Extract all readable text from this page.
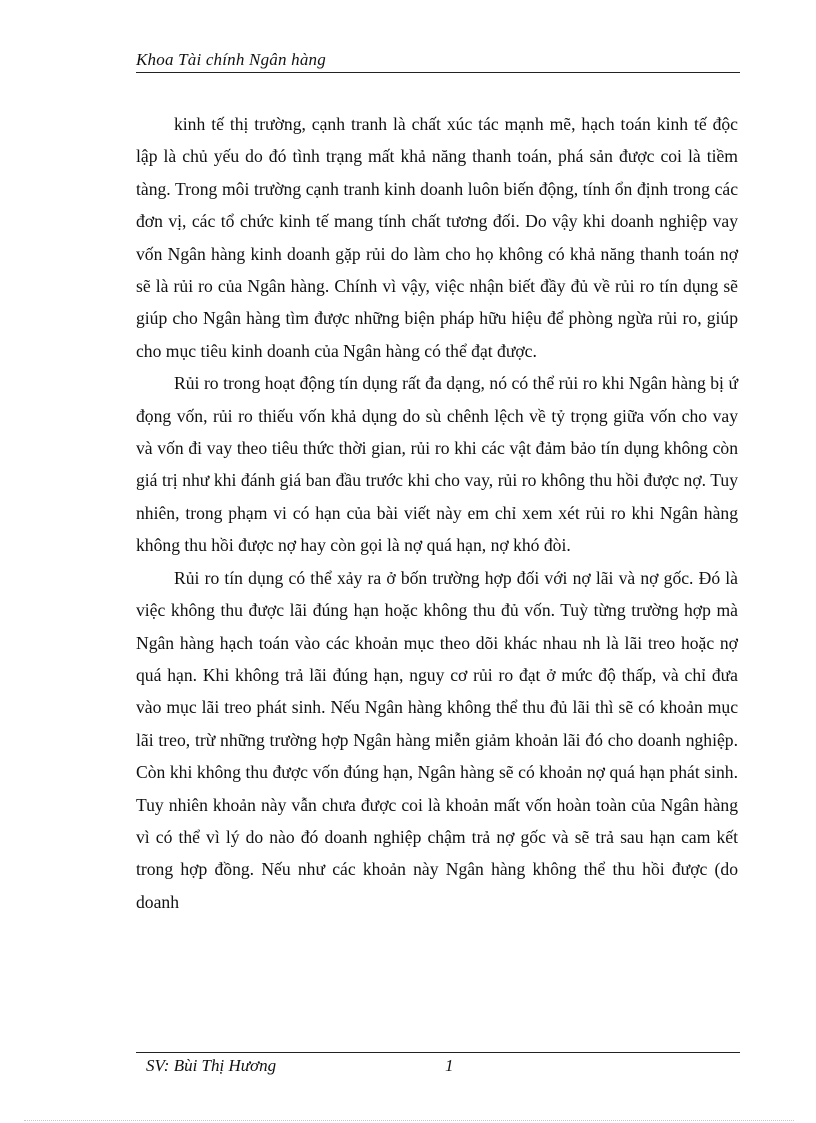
Khoa Tài chính Ngân hàng

kinh tế thị trường, cạnh tranh là chất xúc tác mạnh mẽ, hạch toán kinh tế độc lập là chủ yếu do đó tình trạng mất khả năng thanh toán, phá sản được coi là tiềm tàng. Trong môi trường cạnh tranh kinh doanh luôn biến động, tính ổn định trong các đơn vị, các tổ chức kinh tế mang tính chất tương đối. Do vậy khi doanh nghiệp vay vốn Ngân hàng kinh doanh gặp rủi do làm cho họ không có khả năng thanh toán nợ sẽ là rủi ro của Ngân hàng. Chính vì vậy, việc nhận biết đầy đủ về rủi ro tín dụng sẽ giúp cho Ngân hàng tìm được những biện pháp hữu hiệu để phòng ngừa rủi ro, giúp cho mục tiêu kinh doanh của Ngân hàng có thể đạt được.

Rủi ro trong hoạt động tín dụng rất đa dạng, nó có thể rủi ro khi Ngân hàng bị ứ đọng vốn, rủi ro thiếu vốn khả dụng do sù chênh lệch về tỷ trọng giữa vốn cho vay và vốn đi vay theo tiêu thức thời gian, rủi ro khi các vật đảm bảo tín dụng không còn giá trị như khi đánh giá ban đầu trước khi cho vay, rủi ro không thu hồi được nợ. Tuy nhiên, trong phạm vi có hạn của bài viết này em chỉ xem xét rủi ro khi Ngân hàng không thu hồi được nợ hay còn gọi là nợ quá hạn, nợ khó đòi.

Rủi ro tín dụng có thể xảy ra ở bốn trường hợp đối với nợ lãi và nợ gốc. Đó là việc không thu được lãi đúng hạn hoặc không thu đủ vốn. Tuỳ từng trường hợp mà Ngân hàng hạch toán vào các khoản mục theo dõi khác nhau nh là lãi treo hoặc nợ quá hạn. Khi không trả lãi đúng hạn, nguy cơ rủi ro đạt ở mức độ thấp, và chỉ đưa vào mục lãi treo phát sinh. Nếu Ngân hàng không thể thu đủ lãi thì sẽ có khoản mục lãi treo, trừ những trường hợp Ngân hàng miễn giảm khoản lãi đó cho doanh nghiệp. Còn khi không thu được vốn đúng hạn, Ngân hàng sẽ có khoản nợ quá hạn phát sinh. Tuy nhiên khoản này vẫn chưa được coi là khoản mất vốn hoàn toàn của Ngân hàng vì có thể vì lý do nào đó doanh nghiệp chậm trả nợ gốc và sẽ trả sau hạn cam kết trong hợp đồng. Nếu như các khoản này Ngân hàng không thể thu hồi được (do doanh

SV: Bùi Thị Hương	1
